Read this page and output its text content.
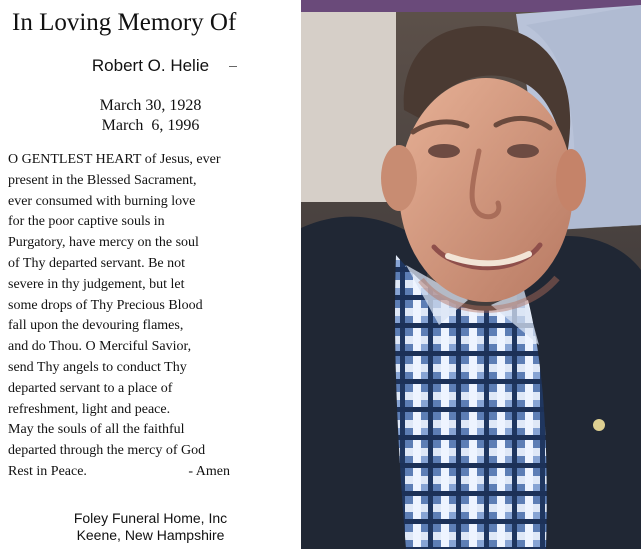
In Loving Memory Of
Robert O. Helie
March 30, 1928
March  6, 1996
O GENTLEST HEART of Jesus, ever
present in the Blessed Sacrament,
ever consumed with burning love
for the poor captive souls in
Purgatory, have mercy on the soul
of Thy departed servant. Be not
severe in thy judgement, but let
some drops of Thy Precious Blood
fall upon the devouring flames,
and do Thou. O Merciful Savior,
send Thy angels to conduct Thy
departed servant to a place of
refreshment, light and peace.
May the souls of all the faithful
departed through the mercy of God
Rest in Peace.	- Amen
Foley Funeral Home, Inc
Keene, New Hampshire
